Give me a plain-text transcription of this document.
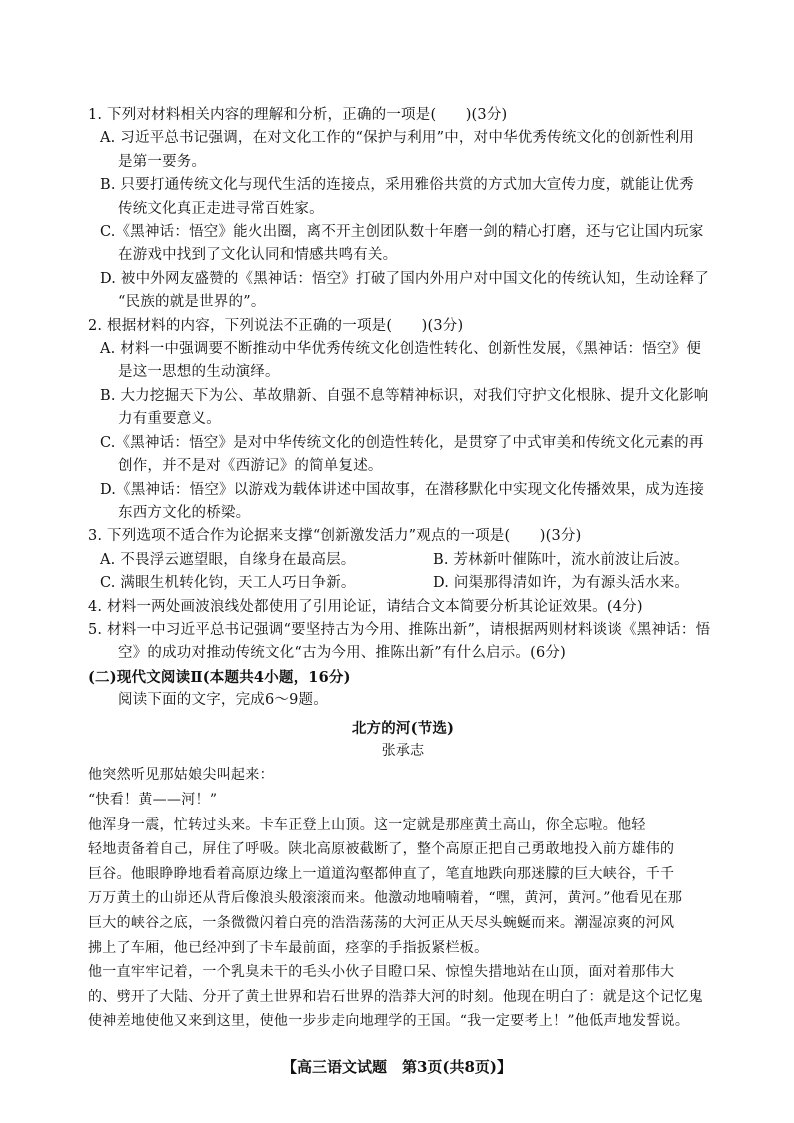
1. 下列对材料相关内容的理解和分析，正确的一项是(　　)(3分)
A. 习近平总书记强调，在对文化工作的“保护与利用”中，对中华优秀传统文化的创新性利用
是第一要务。
B. 只要打通传统文化与现代生活的连接点，采用雅俗共赏的方式加大宣传力度，就能让优秀
传统文化真正走进寻常百姓家。
C.《黑神话：悟空》能火出圈，离不开主创团队数十年磨一剑的精心打磨，还与它让国内玩家
在游戏中找到了文化认同和情感共鸣有关。
D. 被中外网友盛赞的《黑神话：悟空》打破了国内外用户对中国文化的传统认知，生动诠释了
“民族的就是世界的”。
2. 根据材料的内容，下列说法不正确的一项是(　　)(3分)
A. 材料一中强调要不断推动中华优秀传统文化创造性转化、创新性发展，《黑神话：悟空》便
是这一思想的生动演绎。
B. 大力挖掘天下为公、革故鼎新、自强不息等精神标识，对我们守护文化根脉、提升文化影响
力有重要意义。
C.《黑神话：悟空》是对中华传统文化的创造性转化，是贯穿了中式审美和传统文化元素的再
创作，并不是对《西游记》的简单复述。
D.《黑神话：悟空》以游戏为载体讲述中国故事，在潜移默化中实现文化传播效果，成为连接
东西方文化的桥梁。
3. 下列选项不适合作为论据来支撑“创新激发活力”观点的一项是(　　)(3分)
A. 不畏浮云遮望眼，自缘身在最高层。	B. 芳林新叶催陈叶，流水前波让后波。
C. 满眼生机转化钧，天工人巧日争新。	D. 问渠那得清如许，为有源头活水来。
4. 材料一两处画波浪线处都使用了引用论证，请结合文本简要分析其论证效果。(4分)
5. 材料一中习近平总书记强调“要坚持古为今用、推陈出新”，请根据两则材料谈谈《黑神话：悟
空》的成功对推动传统文化“古为今用、推陈出新”有什么启示。(6分)
(二)现代文阅读Ⅱ(本题共4小题，16分)
阅读下面的文字，完成6～9题。
北方的河(节选)
张承志
他突然听见那姑娘尖叫起来：
“快看！黄——河！”
他浑身一震，忙转过头来。卡车正登上山顶。这一定就是那座黄土高山，你全忘啦。他轻
轻地责备着自己，屏住了呼吸。陕北高原被截断了，整个高原正把自己勇敢地投入前方雄伟的
巨谷。他眼睁睁地看着高原边缘上一道道沟壑都伸直了，笔直地跌向那迷朦的巨大峡谷，千千
万万黄土的山峁还从背后像浪头般滚滚而来。他激动地喃喃着，“嘿，黄河，黄河。”他看见在那
巨大的峡谷之底，一条微微闪着白亮的浩浩荡荡的大河正从天尽头蜿蜒而来。潮湿凉爽的河风
拂上了车厢，他已经冲到了卡车最前面，痉挛的手指扳紧栏板。
他一直牢牢记着，一个乳臭未干的毛头小伙子目瞪口呆、惊惶失措地站在山顶，面对着那伟大
的、劈开了大陆、分开了黄土世界和岩石世界的浩莽大河的时刻。他现在明白了：就是这个记忆鬼
使神差地使他又来到这里，使他一步步走向地理学的王国。“我一定要考上！”他低声地发誓说。
【高三语文试题　第3页(共8页)】
